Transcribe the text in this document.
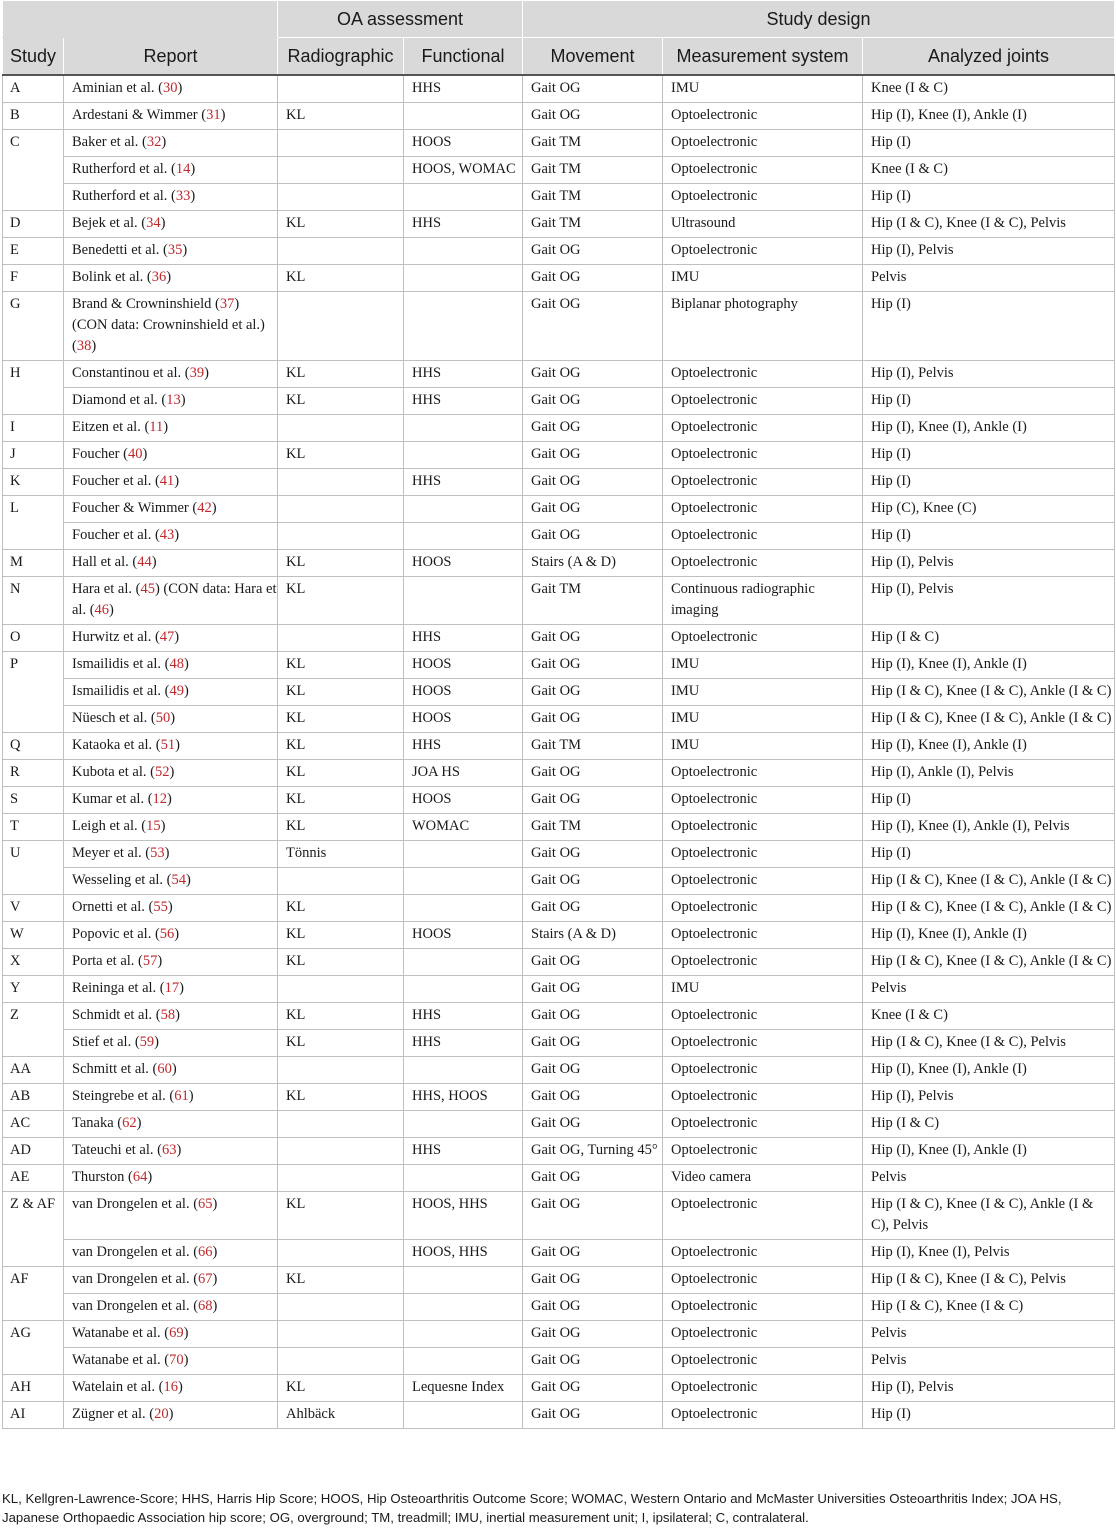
		OA assessment		Study design		
Study	Report	Radiographic	Functional	Movement	Measurement system	Analyzed joints
A	Aminian et al. (30)		HHS	Gait OG	IMU	Knee (I & C)
B	Ardestani & Wimmer (31)	KL		Gait OG	Optoelectronic	Hip (I), Knee (I), Ankle (I)
C	Baker et al. (32)		HOOS	Gait TM	Optoelectronic	Hip (I)
	Rutherford et al. (14)		HOOS, WOMAC	Gait TM	Optoelectronic	Knee (I & C)
	Rutherford et al. (33)			Gait TM	Optoelectronic	Hip (I)
D	Bejek et al. (34)	KL	HHS	Gait TM	Ultrasound	Hip (I & C), Knee (I & C), Pelvis
E	Benedetti et al. (35)			Gait OG	Optoelectronic	Hip (I), Pelvis
F	Bolink et al. (36)	KL		Gait OG	IMU	Pelvis
G	Brand & Crowninshield (37) (CON data: Crowninshield et al.) (38)			Gait OG	Biplanar photography	Hip (I)
H	Constantinou et al. (39)	KL	HHS	Gait OG	Optoelectronic	Hip (I), Pelvis
	Diamond et al. (13)	KL	HHS	Gait OG	Optoelectronic	Hip (I)
I	Eitzen et al. (11)			Gait OG	Optoelectronic	Hip (I), Knee (I), Ankle (I)
J	Foucher (40)	KL		Gait OG	Optoelectronic	Hip (I)
K	Foucher et al. (41)		HHS	Gait OG	Optoelectronic	Hip (I)
L	Foucher & Wimmer (42)			Gait OG	Optoelectronic	Hip (C), Knee (C)
	Foucher et al. (43)			Gait OG	Optoelectronic	Hip (I)
M	Hall et al. (44)	KL	HOOS	Stairs (A & D)	Optoelectronic	Hip (I), Pelvis
N	Hara et al. (45) (CON data: Hara et al. (46)	KL		Gait TM	Continuous radiographic imaging	Hip (I), Pelvis
O	Hurwitz et al. (47)		HHS	Gait OG	Optoelectronic	Hip (I & C)
P	Ismailidis et al. (48)	KL	HOOS	Gait OG	IMU	Hip (I), Knee (I), Ankle (I)
	Ismailidis et al. (49)	KL	HOOS	Gait OG	IMU	Hip (I & C), Knee (I & C), Ankle (I & C)
	Nüesch et al. (50)	KL	HOOS	Gait OG	IMU	Hip (I & C), Knee (I & C), Ankle (I & C)
Q	Kataoka et al. (51)	KL	HHS	Gait TM	IMU	Hip (I), Knee (I), Ankle (I)
R	Kubota et al. (52)	KL	JOA HS	Gait OG	Optoelectronic	Hip (I), Ankle (I), Pelvis
S	Kumar et al. (12)	KL	HOOS	Gait OG	Optoelectronic	Hip (I)
T	Leigh et al. (15)	KL	WOMAC	Gait TM	Optoelectronic	Hip (I), Knee (I), Ankle (I), Pelvis
U	Meyer et al. (53)	Tönnis		Gait OG	Optoelectronic	Hip (I)
	Wesseling et al. (54)			Gait OG	Optoelectronic	Hip (I & C), Knee (I & C), Ankle (I & C)
V	Ornetti et al. (55)	KL		Gait OG	Optoelectronic	Hip (I & C), Knee (I & C), Ankle (I & C)
W	Popovic et al. (56)	KL	HOOS	Stairs (A & D)	Optoelectronic	Hip (I), Knee (I), Ankle (I)
X	Porta et al. (57)	KL		Gait OG	Optoelectronic	Hip (I & C), Knee (I & C), Ankle (I & C)
Y	Reininga et al. (17)			Gait OG	IMU	Pelvis
Z	Schmidt et al. (58)	KL	HHS	Gait OG	Optoelectronic	Knee (I & C)
	Stief et al. (59)	KL	HHS	Gait OG	Optoelectronic	Hip (I & C), Knee (I & C), Pelvis
AA	Schmitt et al. (60)			Gait OG	Optoelectronic	Hip (I), Knee (I), Ankle (I)
AB	Steingrebe et al. (61)	KL	HHS, HOOS	Gait OG	Optoelectronic	Hip (I), Pelvis
AC	Tanaka (62)			Gait OG	Optoelectronic	Hip (I & C)
AD	Tateuchi et al. (63)		HHS	Gait OG, Turning 45°	Optoelectronic	Hip (I), Knee (I), Ankle (I)
AE	Thurston (64)			Gait OG	Video camera	Pelvis
Z & AF	van Drongelen et al. (65)	KL	HOOS, HHS	Gait OG	Optoelectronic	Hip (I & C), Knee (I & C), Ankle (I & C), Pelvis
	van Drongelen et al. (66)		HOOS, HHS	Gait OG	Optoelectronic	Hip (I), Knee (I), Pelvis
AF	van Drongelen et al. (67)	KL		Gait OG	Optoelectronic	Hip (I & C), Knee (I & C), Pelvis
	van Drongelen et al. (68)			Gait OG	Optoelectronic	Hip (I & C), Knee (I & C)
AG	Watanabe et al. (69)			Gait OG	Optoelectronic	Pelvis
	Watanabe et al. (70)			Gait OG	Optoelectronic	Pelvis
AH	Watelain et al. (16)	KL	Lequesne Index	Gait OG	Optoelectronic	Hip (I), Pelvis
AI	Zügner et al. (20)	Ahlbäck		Gait OG	Optoelectronic	Hip (I)
KL, Kellgren-Lawrence-Score; HHS, Harris Hip Score; HOOS, Hip Osteoarthritis Outcome Score; WOMAC, Western Ontario and McMaster Universities Osteoarthritis Index; JOA HS, Japanese Orthopaedic Association hip score; OG, overground; TM, treadmill; IMU, inertial measurement unit; I, ipsilateral; C, contralateral.
